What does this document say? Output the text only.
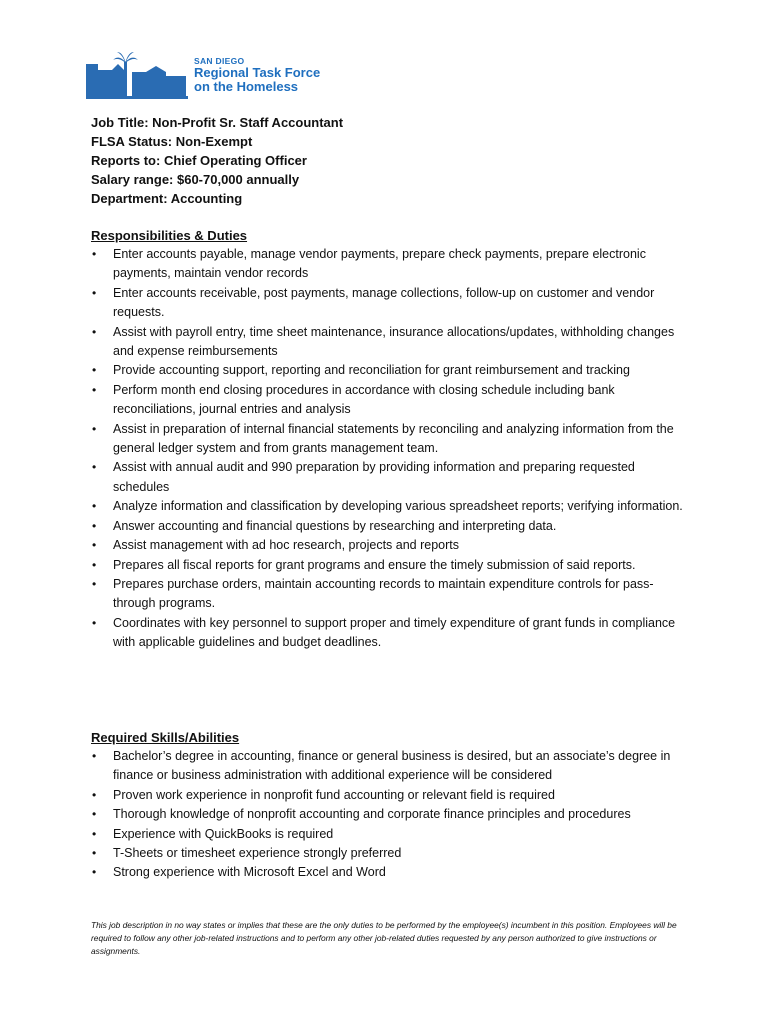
SAN DIEGO
Regional Task Force
on the Homeless
Job Title: Non-Profit Sr. Staff Accountant
FLSA Status: Non-Exempt
Reports to: Chief Operating Officer
Salary range: $60-70,000 annually
Department: Accounting
Responsibilities & Duties
• Enter accounts payable, manage vendor payments, prepare check payments, prepare electronic payments, maintain vendor records
• Enter accounts receivable, post payments, manage collections, follow-up on customer and vendor requests.
• Assist with payroll entry, time sheet maintenance, insurance allocations/updates, withholding changes and expense reimbursements
• Provide accounting support, reporting and reconciliation for grant reimbursement and tracking
• Perform month end closing procedures in accordance with closing schedule including bank reconciliations, journal entries and analysis
• Assist in preparation of internal financial statements by reconciling and analyzing information from the general ledger system and from grants management team.
• Assist with annual audit and 990 preparation by providing information and preparing requested schedules
• Analyze information and classification by developing various spreadsheet reports; verifying information.
• Answer accounting and financial questions by researching and interpreting data.
• Assist management with ad hoc research, projects and reports
• Prepares all fiscal reports for grant programs and ensure the timely submission of said reports.
• Prepares purchase orders, maintain accounting records to maintain expenditure controls for pass-through programs.
• Coordinates with key personnel to support proper and timely expenditure of grant funds in compliance with applicable guidelines and budget deadlines.
Required Skills/Abilities
• Bachelor’s degree in accounting, finance or general business is desired, but an associate’s degree in finance or business administration with additional experience will be considered
• Proven work experience in nonprofit fund accounting or relevant field is required
• Thorough knowledge of nonprofit accounting and corporate finance principles and procedures
• Experience with QuickBooks is required
• T-Sheets or timesheet experience strongly preferred
• Strong experience with Microsoft Excel and Word
This job description in no way states or implies that these are the only duties to be performed by the employee(s) incumbent in this position. Employees will be required to follow any other job-related instructions and to perform any other job-related duties requested by any person authorized to give instructions or assignments.
